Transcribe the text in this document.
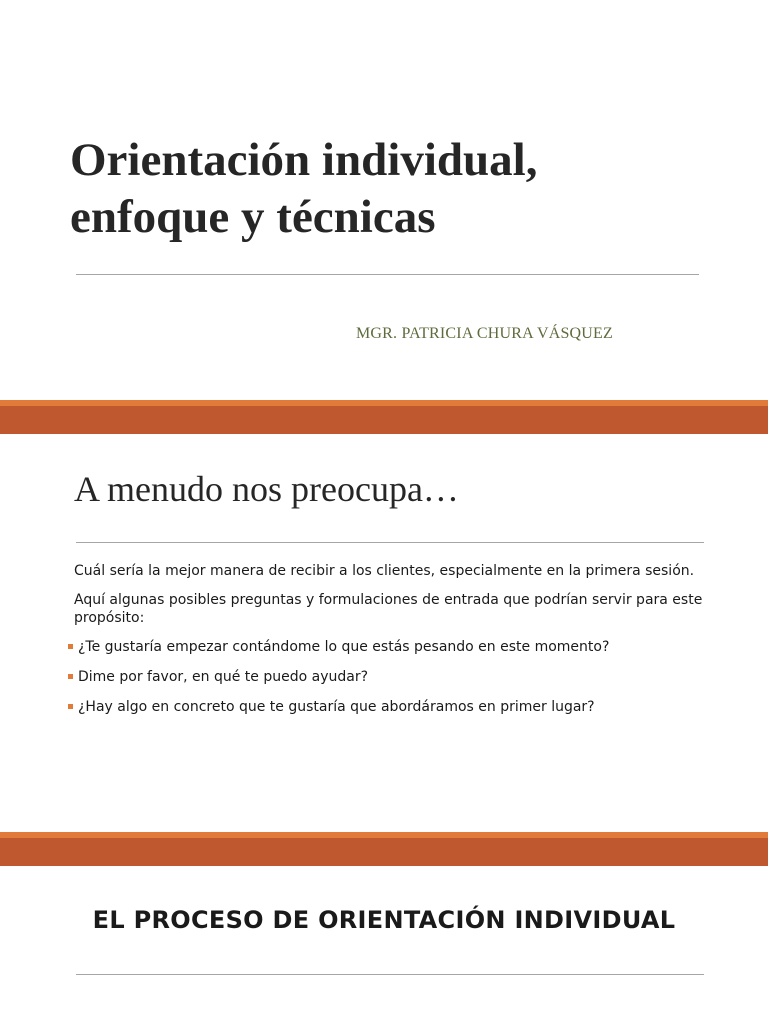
Orientación individual,
enfoque y técnicas

MGR. PATRICIA CHURA VÁSQUEZ

A menudo nos preocupa…

Cuál sería la mejor manera de recibir a los clientes, especialmente en la primera sesión.

Aquí algunas posibles preguntas y formulaciones de entrada que podrían servir para este propósito:

¿Te gustaría empezar contándome lo que estás pesando en este momento?
Dime por favor, en qué te puedo ayudar?
¿Hay algo en concreto que te gustaría que abordáramos en primer lugar?
EL PROCESO DE ORIENTACIÓN INDIVIDUAL
